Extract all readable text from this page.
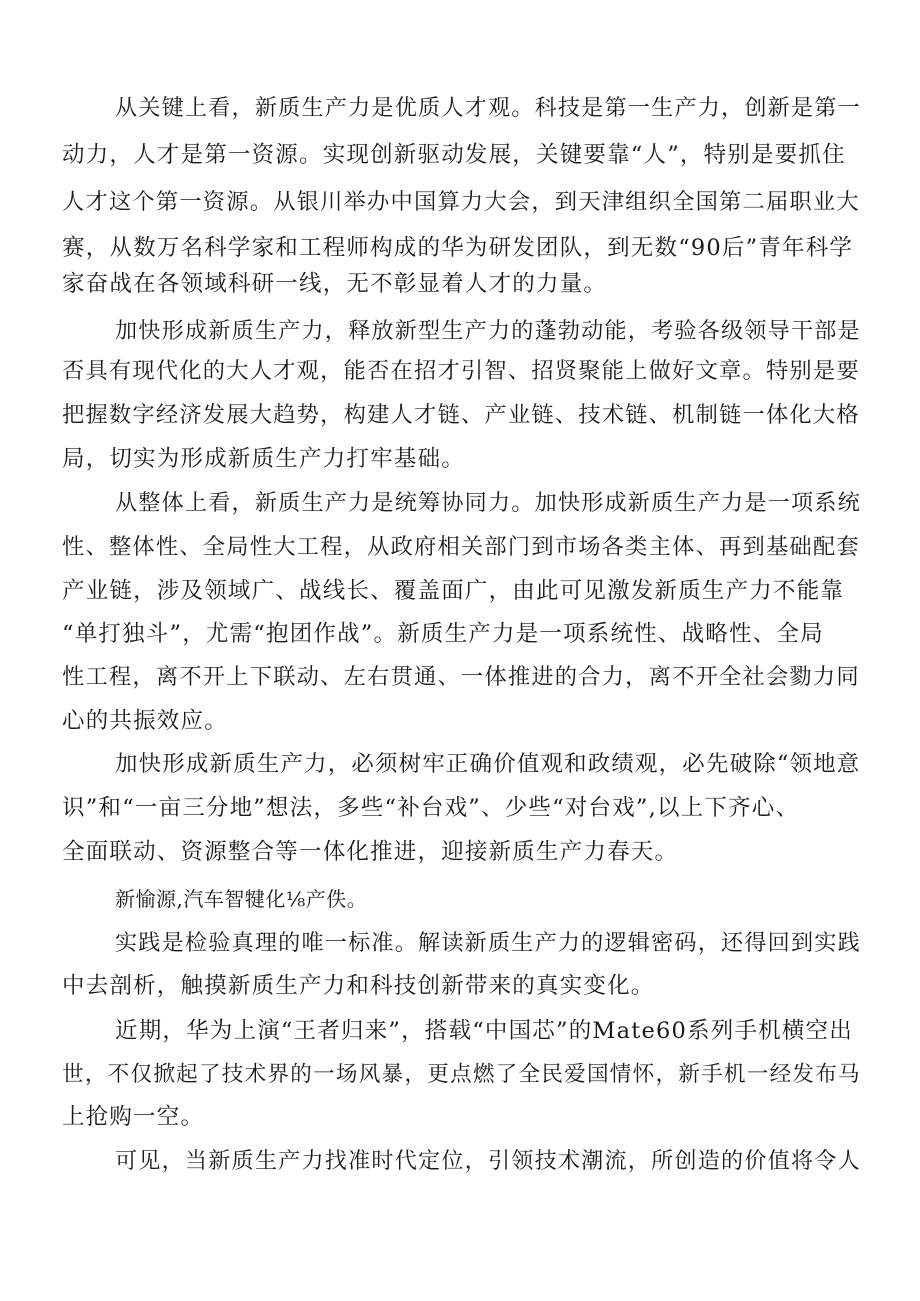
从关键上看，新质生产力是优质人才观。科技是第一生产力，创新是第一

动力，人才是第一资源。实现创新驱动发展，关键要靠“人”，特别是要抓住

人才这个第一资源。从银川举办中国算力大会，到天津组织全国第二届职业大

赛，从数万名科学家和工程师构成的华为研发团队，到无数“90后”青年科学

家奋战在各领域科研一线，无不彰显着人才的力量。

加快形成新质生产力，释放新型生产力的蓬勃动能，考验各级领导干部是

否具有现代化的大人才观，能否在招才引智、招贤聚能上做好文章。特别是要

把握数字经济发展大趋势，构建人才链、产业链、技术链、机制链一体化大格

局，切实为形成新质生产力打牢基础。

从整体上看，新质生产力是统筹协同力。加快形成新质生产力是一项系统

性、整体性、全局性大工程，从政府相关部门到市场各类主体、再到基础配套

产业链，涉及领域广、战线长、覆盖面广，由此可见激发新质生产力不能靠

“单打独斗”，尤需“抱团作战”。新质生产力是一项系统性、战略性、全局

性工程，离不开上下联动、左右贯通、一体推进的合力，离不开全社会勠力同

心的共振效应。

加快形成新质生产力，必须树牢正确价值观和政绩观，必先破除“领地意

识”和“一亩三分地”想法，多些“补台戏”、少些“对台戏”,以上下齐心、

全面联动、资源整合等一体化推进，迎接新质生产力春天。

新愉源,汽车智犍化⅛产佚。

实践是检验真理的唯一标准。解读新质生产力的逻辑密码，还得回到实践

中去剖析，触摸新质生产力和科技创新带来的真实变化。

近期，华为上演“王者归来”，搭载“中国芯”的Mate60系列手机横空出

世，不仅掀起了技术界的一场风暴，更点燃了全民爱国情怀，新手机一经发布马

上抢购一空。

可见，当新质生产力找准时代定位，引领技术潮流，所创造的价值将令人
